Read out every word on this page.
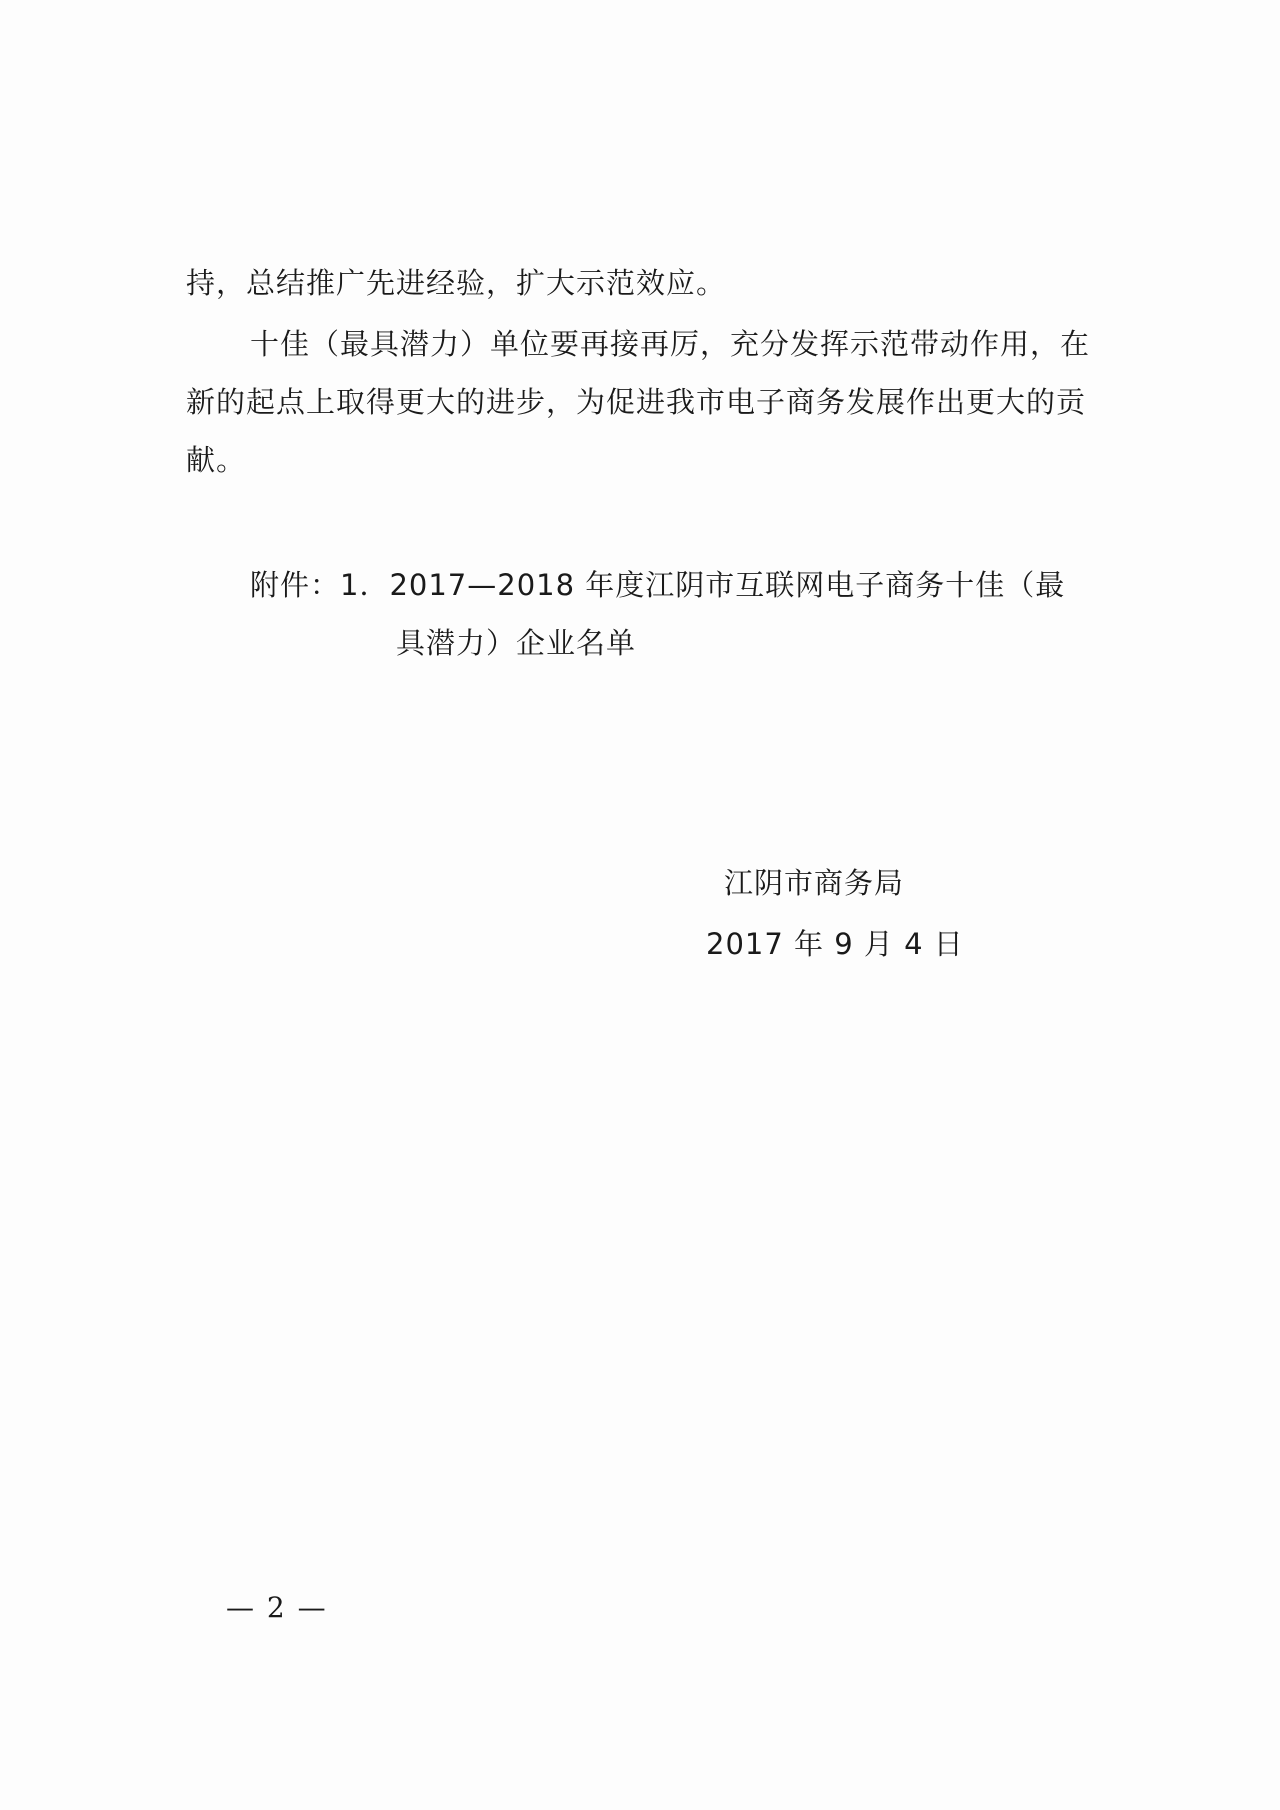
持，总结推广先进经验，扩大示范效应。
十佳（最具潜力）单位要再接再厉，充分发挥示范带动作用，在新的起点上取得更大的进步，为促进我市电子商务发展作出更大的贡献。
附件：1．2017—2018 年度江阴市互联网电子商务十佳（最
具潜力）企业名单
江阴市商务局
2017 年 9 月 4 日
— 2 —
